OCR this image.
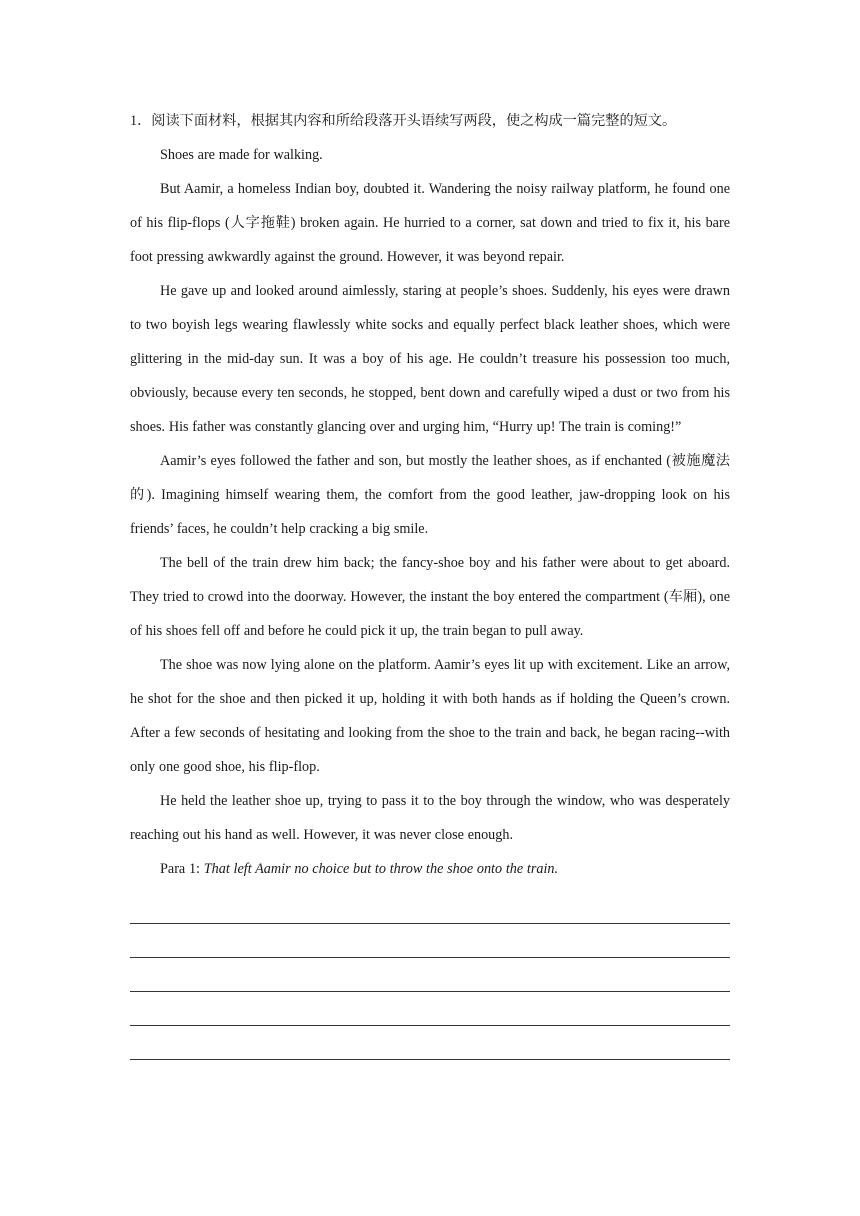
1．阅读下面材料，根据其内容和所给段落开头语续写两段，使之构成一篇完整的短文。

Shoes are made for walking.

But Aamir, a homeless Indian boy, doubted it. Wandering the noisy railway platform, he found one of his flip-flops (人字拖鞋) broken again. He hurried to a corner, sat down and tried to fix it, his bare foot pressing awkwardly against the ground. However, it was beyond repair.

He gave up and looked around aimlessly, staring at people’s shoes. Suddenly, his eyes were drawn to two boyish legs wearing flawlessly white socks and equally perfect black leather shoes, which were glittering in the mid-day sun. It was a boy of his age. He couldn’t treasure his possession too much, obviously, because every ten seconds, he stopped, bent down and carefully wiped a dust or two from his shoes. His father was constantly glancing over and urging him, “Hurry up! The train is coming!”

Aamir’s eyes followed the father and son, but mostly the leather shoes, as if enchanted (被施魔法的). Imagining himself wearing them, the comfort from the good leather, jaw-dropping look on his friends’ faces, he couldn’t help cracking a big smile.

The bell of the train drew him back; the fancy-shoe boy and his father were about to get aboard. They tried to crowd into the doorway. However, the instant the boy entered the compartment (车厢), one of his shoes fell off and before he could pick it up, the train began to pull away.

The shoe was now lying alone on the platform. Aamir’s eyes lit up with excitement. Like an arrow, he shot for the shoe and then picked it up, holding it with both hands as if holding the Queen’s crown. After a few seconds of hesitating and looking from the shoe to the train and back, he began racing--with only one good shoe, his flip-flop.

He held the leather shoe up, trying to pass it to the boy through the window, who was desperately reaching out his hand as well. However, it was never close enough.

Para 1: That left Aamir no choice but to throw the shoe onto the train.
